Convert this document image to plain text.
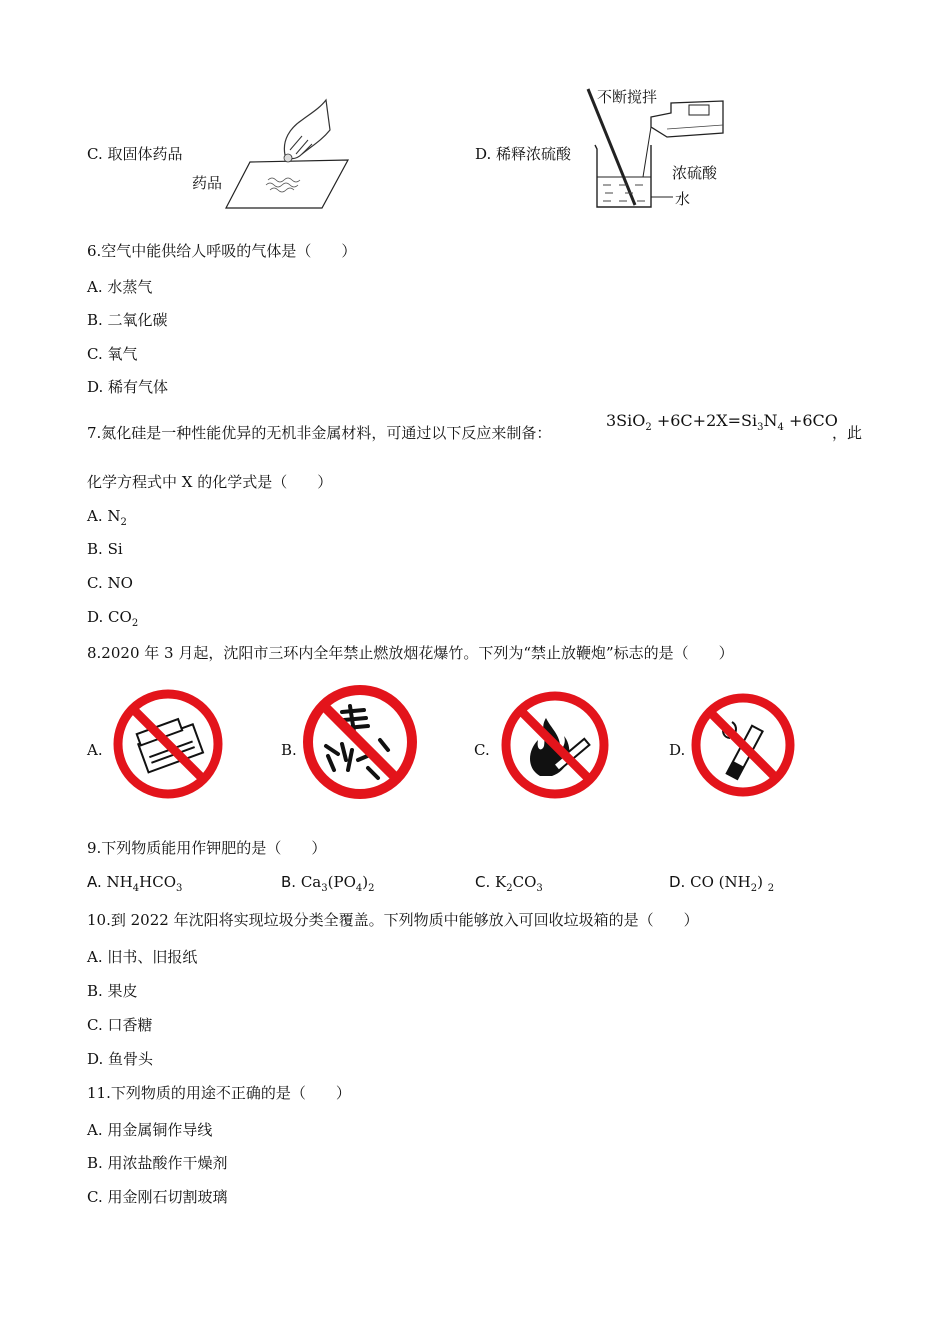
C. 取固体药品
药品
D. 稀释浓硫酸
不断搅拌
浓硫酸
水
6.空气中能供给人呼吸的气体是（　　）
A. 水蒸气
B. 二氧化碳
C. 氧气
D. 稀有气体
7.氮化硅是一种性能优异的无机非金属材料，可通过以下反应来制备：
$3SiO_2 +6C+2X=Si_3N_4 +6CO$
，此
化学方程式中 X 的化学式是（　　）
A. $N_2$
B. Si
C. NO
D. $CO_2$
8.2020 年 3 月起，沈阳市三环内全年禁止燃放烟花爆竹。下列为“禁止放鞭炮”标志的是（　　）
A.	B.	C.	D.
9.下列物质能用作钾肥的是（　　）
A. $NH_4HCO_3$	B. $Ca_3(PO_4)_2$	C. $K_2CO_3$	D. CO $(NH_2)$ $_2$
10.到 2022 年沈阳将实现垃圾分类全覆盖。下列物质中能够放入可回收垃圾箱的是（　　）
A. 旧书、旧报纸
B. 果皮
C. 口香糖
D. 鱼骨头
11.下列物质的用途不正确的是（　　）
A. 用金属铜作导线
B. 用浓盐酸作干燥剂
C. 用金刚石切割玻璃
